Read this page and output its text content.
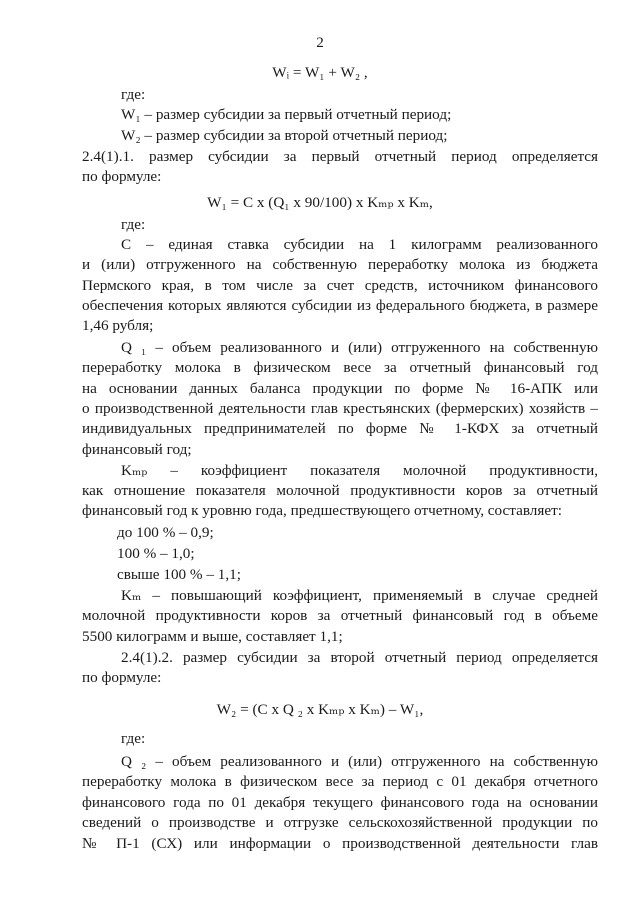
2
Wᵢ = W₁ + W₂ ,
где:
W₁ – размер субсидии за первый отчетный период;
W₂ – размер субсидии за второй отчетный период;
2.4(1).1. размер субсидии за первый отчетный период определяется
по формуле:
W₁ = C x (Q₁ x 90/100) x Kₘₚ x Kₘ,
где:
C – единая ставка субсидии на 1 килограмм реализованного
и (или) отгруженного на собственную переработку молока из бюджета
Пермского края, в том числе за счет средств, источником финансового
обеспечения которых являются субсидии из федерального бюджета, в размере
1,46 рубля;
Q ₁ – объем реализованного и (или) отгруженного на собственную
переработку молока в физическом весе за отчетный финансовый год
на основании данных баланса продукции по форме № 16-АПК или
о производственной деятельности глав крестьянских (фермерских) хозяйств –
индивидуальных предпринимателей по форме № 1-КФХ за отчетный
финансовый год;
Kₘₚ – коэффициент показателя молочной продуктивности,
как отношение показателя молочной продуктивности коров за отчетный
финансовый год к уровню года, предшествующего отчетному, составляет:
до 100 % – 0,9;
100 % – 1,0;
свыше 100 % – 1,1;
Kₘ – повышающий коэффициент, применяемый в случае средней
молочной продуктивности коров за отчетный финансовый год в объеме
5500 килограмм и выше, составляет 1,1;
2.4(1).2. размер субсидии за второй отчетный период определяется
по формуле:
W₂ = (C x Q ₂ x Kₘₚ x Kₘ) – W₁,
где:
Q ₂ – объем реализованного и (или) отгруженного на собственную
переработку молока в физическом весе за период с 01 декабря отчетного
финансового года по 01 декабря текущего финансового года на основании
сведений о производстве и отгрузке сельскохозяйственной продукции по
№ П-1 (СХ) или информации о производственной деятельности глав
